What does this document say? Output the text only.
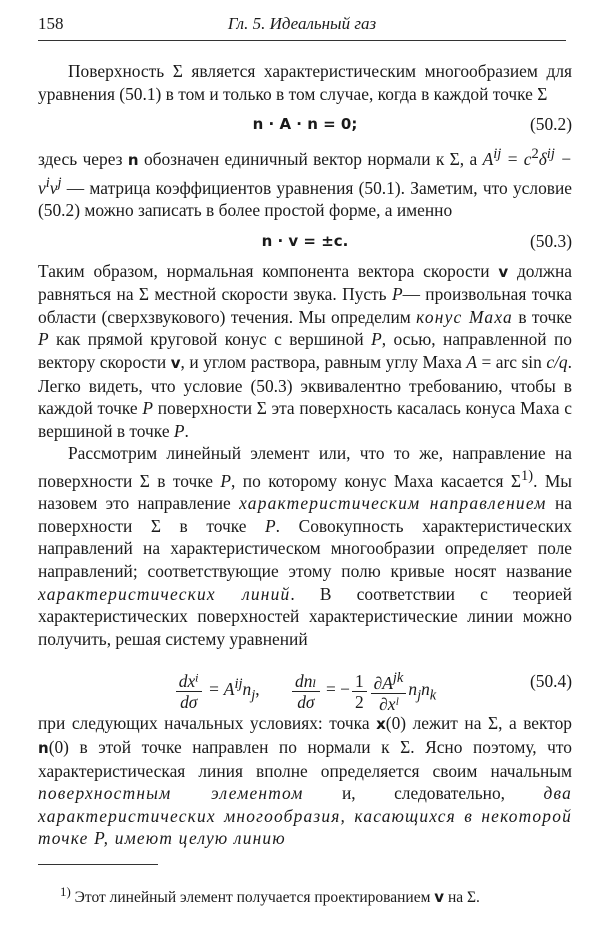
158	Гл. 5. Идеальный газ

Поверхность Σ является характеристическим многообразием для уравнения (50.1) в том и только в том случае, когда в каждой точке Σ

n · A · n = 0;	(50.2)

здесь через n обозначен единичный вектор нормали к Σ, а $A^{ij} = c^2\delta^{ij} - v^iv^j$ — матрица коэффициентов уравнения (50.1). Заметим, что условие (50.2) можно записать в более простой форме, а именно

n · v = ±c.	(50.3)

Таким образом, нормальная компонента вектора скорости v должна равняться на Σ местной скорости звука. Пусть P— произвольная точка области (сверхзвукового) течения. Мы определим конус Маха в точке P как прямой круговой конус с вершиной P, осью, направленной по вектору скорости v, и углом раствора, равным углу Маха A = arc sin c/q. Легко видеть, что условие (50.3) эквивалентно требованию, чтобы в каждой точке P поверхности Σ эта поверхность касалась конуса Маха с вершиной в точке P.

Рассмотрим линейный элемент или, что то же, направление на поверхности Σ в точке P, по которому конус Маха касается $\Sigma^{1)}$. Мы назовем это направление характеристическим направлением на поверхности Σ в точке P. Совокупность характеристических направлений на характеристическом многообразии определяет поле направлений; соответствующие этому полю кривые носят название характеристических линий. В соответствии с теорией характеристических поверхностей характеристические линии можно получить, решая систему уравнений

$\frac{\text{dxⁱ}}{d\sigma} = A^{ij}n_j$, $\frac{\text{dnₗ}}{d\sigma}$ = − $\frac{1}{2} \frac{\partial A^{jk}}{\text{∂xˡ}} n_jn_k$
(50.4)

при следующих начальных условиях: точка x(0) лежит на Σ, а вектор n(0) в этой точке направлен по нормали к Σ. Ясно поэтому, что характеристическая линия вполне определяется своим начальным поверхностным элементом и, следовательно, два характеристических многообразия, касающихся в некоторой точке P, имеют целую линию

$^{1)}$ Этот линейный элемент получается проектированием v на Σ.
